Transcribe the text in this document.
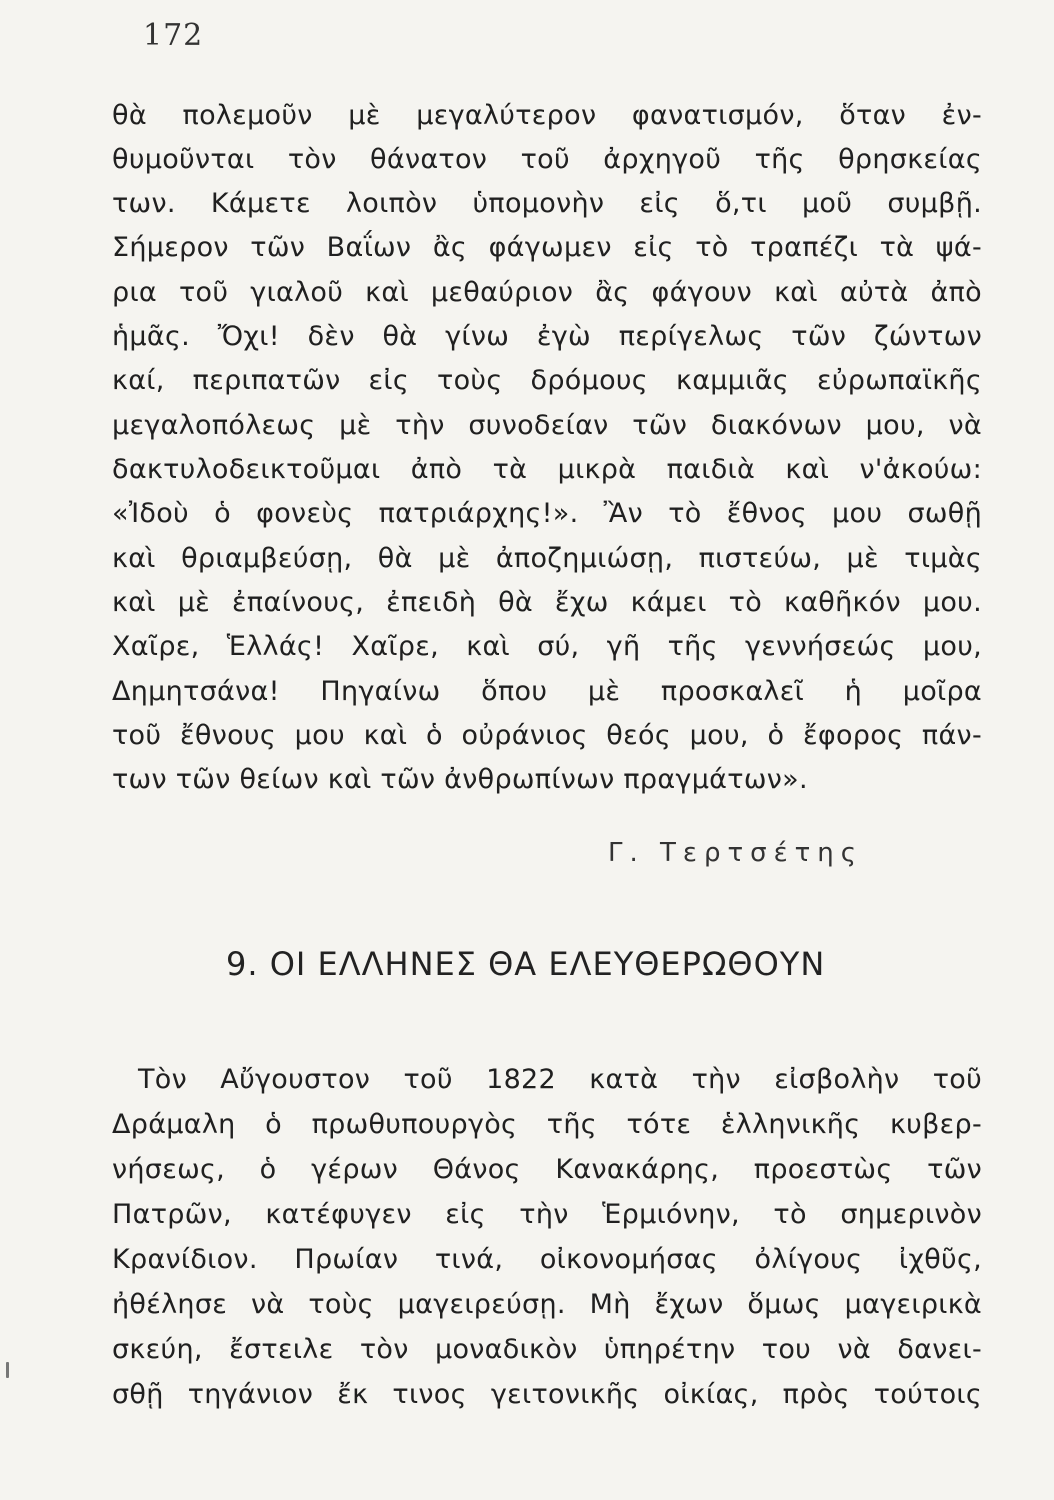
172
θὰ πολεμοῦν μὲ μεγαλύτερον φανατισμόν, ὅταν ἐν-
θυμοῦνται τὸν θάνατον τοῦ ἀρχηγοῦ τῆς θρησκείας
των. Κάμετε λοιπὸν ὑπομονὴν εἰς ὅ,τι μοῦ συμβῇ.
Σήμερον τῶν Βαΐων ἂς φάγωμεν εἰς τὸ τραπέζι τὰ ψά-
ρια τοῦ γιαλοῦ καὶ μεθαύριον ἂς φάγουν καὶ αὐτὰ ἀπὸ
ἡμᾶς. Ὄχι! δὲν θὰ γίνω ἐγὼ περίγελως τῶν ζώντων
καί, περιπατῶν εἰς τοὺς δρόμους καμμιᾶς εὐρωπαϊκῆς
μεγαλοπόλεως μὲ τὴν συνοδείαν τῶν διακόνων μου, νὰ
δακτυλοδεικτοῦμαι ἀπὸ τὰ μικρὰ παιδιὰ καὶ ν'ἀκούω:
«Ἰδοὺ ὁ φονεὺς πατριάρχης!». Ἂν τὸ ἔθνος μου σωθῇ
καὶ θριαμβεύσῃ, θὰ μὲ ἀποζημιώσῃ, πιστεύω, μὲ τιμὰς
καὶ μὲ ἐπαίνους, ἐπειδὴ θὰ ἔχω κάμει τὸ καθῆκόν μου.
Χαῖρε, Ἑλλάς! Χαῖρε, καὶ σύ, γῆ τῆς γεννήσεώς μου,
Δημητσάνα! Πηγαίνω ὅπου μὲ προσκαλεῖ ἡ μοῖρα
τοῦ ἔθνους μου καὶ ὁ οὐράνιος θεός μου, ὁ ἔφορος πάν-
των τῶν θείων καὶ τῶν ἀνθρωπίνων πραγμάτων».
Γ. Τερτσέτης
9. ΟΙ ΕΛΛΗΝΕΣ ΘΑ ΕΛΕΥΘΕΡΩΘΟΥΝ
Τὸν Αὔγουστον τοῦ 1822 κατὰ τὴν εἰσβολὴν τοῦ
Δράμαλη ὁ πρωθυπουργὸς τῆς τότε ἑλληνικῆς κυβερ-
νήσεως, ὁ γέρων Θάνος Κανακάρης, προεστὼς τῶν
Πατρῶν, κατέφυγεν εἰς τὴν Ἑρμιόνην, τὸ σημερινὸν
Κρανίδιον. Πρωίαν τινά, οἰκονομήσας ὀλίγους ἰχθῦς,
ἠθέλησε νὰ τοὺς μαγειρεύσῃ. Μὴ ἔχων ὅμως μαγειρικὰ
σκεύη, ἔστειλε τὸν μοναδικὸν ὑπηρέτην του νὰ δανει-
σθῇ τηγάνιον ἔκ τινος γειτονικῆς οἰκίας, πρὸς τούτοις
